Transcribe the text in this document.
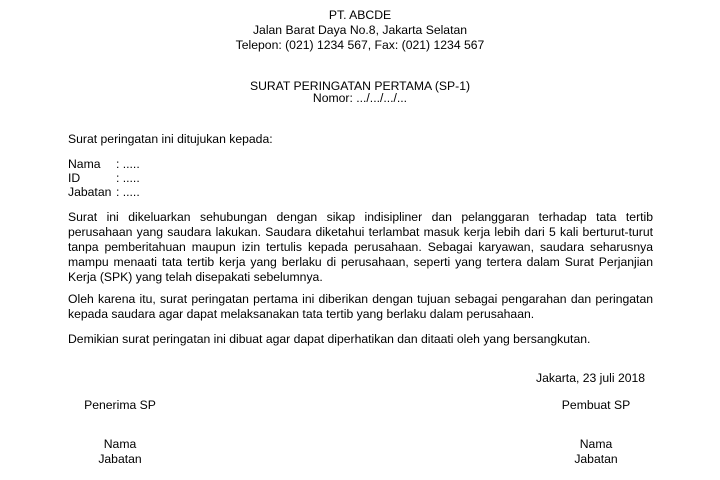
PT. ABCDE
Jalan Barat Daya No.8, Jakarta Selatan
Telepon: (021) 1234 567, Fax: (021) 1234 567
SURAT PERINGATAN PERTAMA (SP-1)
Nomor: .../.../.../...
Surat peringatan ini ditujukan kepada:
Nama : .....
ID	: .....
Jabatan : .....
Surat ini dikeluarkan sehubungan dengan sikap indisipliner dan pelanggaran terhadap tata tertib perusahaan yang saudara lakukan. Saudara diketahui terlambat masuk kerja lebih dari 5 kali berturut-turut tanpa pemberitahuan maupun izin tertulis kepada perusahaan. Sebagai karyawan, saudara seharusnya mampu menaati tata tertib kerja yang berlaku di perusahaan, seperti yang tertera dalam Surat Perjanjian Kerja (SPK) yang telah disepakati sebelumnya.
Oleh karena itu, surat peringatan pertama ini diberikan dengan tujuan sebagai pengarahan dan peringatan kepada saudara agar dapat melaksanakan tata tertib yang berlaku dalam perusahaan.
Demikian surat peringatan ini dibuat agar dapat diperhatikan dan ditaati oleh yang bersangkutan.
Jakarta, 23 juli 2018
Penerima SP
Nama
Jabatan
Pembuat SP
Nama
Jabatan
